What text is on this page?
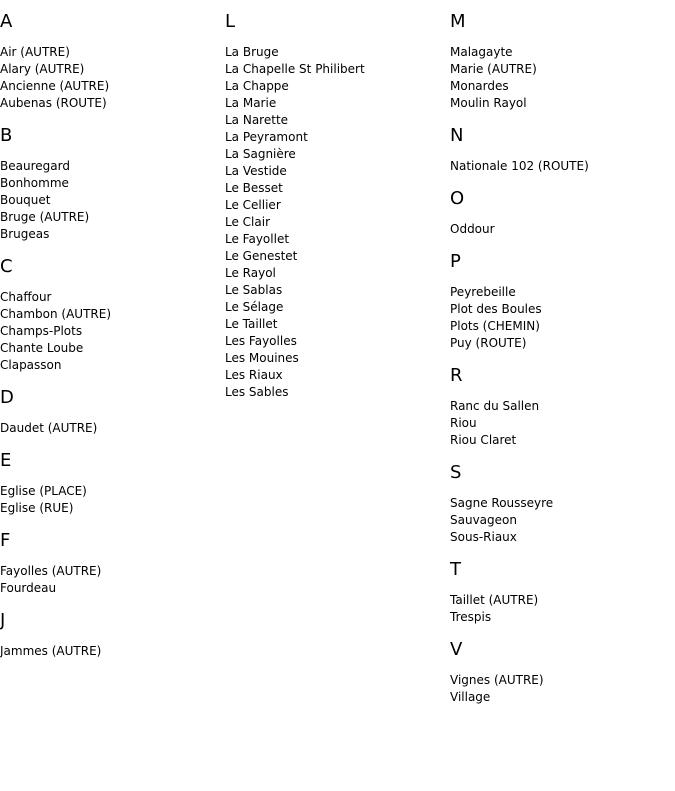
A
Air (AUTRE)
Alary (AUTRE)
Ancienne (AUTRE)
Aubenas (ROUTE)
B
Beauregard
Bonhomme
Bouquet
Bruge (AUTRE)
Brugeas
C
Chaffour
Chambon (AUTRE)
Champs-Plots
Chante Loube
Clapasson
D
Daudet (AUTRE)
E
Eglise (PLACE)
Eglise (RUE)
F
Fayolles (AUTRE)
Fourdeau
J
Jammes (AUTRE)
L
La Bruge
La Chapelle St Philibert
La Chappe
La Marie
La Narette
La Peyramont
La Sagnière
La Vestide
Le Besset
Le Cellier
Le Clair
Le Fayollet
Le Genestet
Le Rayol
Le Sablas
Le Sélage
Le Taillet
Les Fayolles
Les Mouines
Les Riaux
Les Sables
M
Malagayte
Marie (AUTRE)
Monardes
Moulin Rayol
N
Nationale 102 (ROUTE)
O
Oddour
P
Peyrebeille
Plot des Boules
Plots (CHEMIN)
Puy (ROUTE)
R
Ranc du Sallen
Riou
Riou Claret
S
Sagne Rousseyre
Sauvageon
Sous-Riaux
T
Taillet (AUTRE)
Trespis
V
Vignes (AUTRE)
Village
